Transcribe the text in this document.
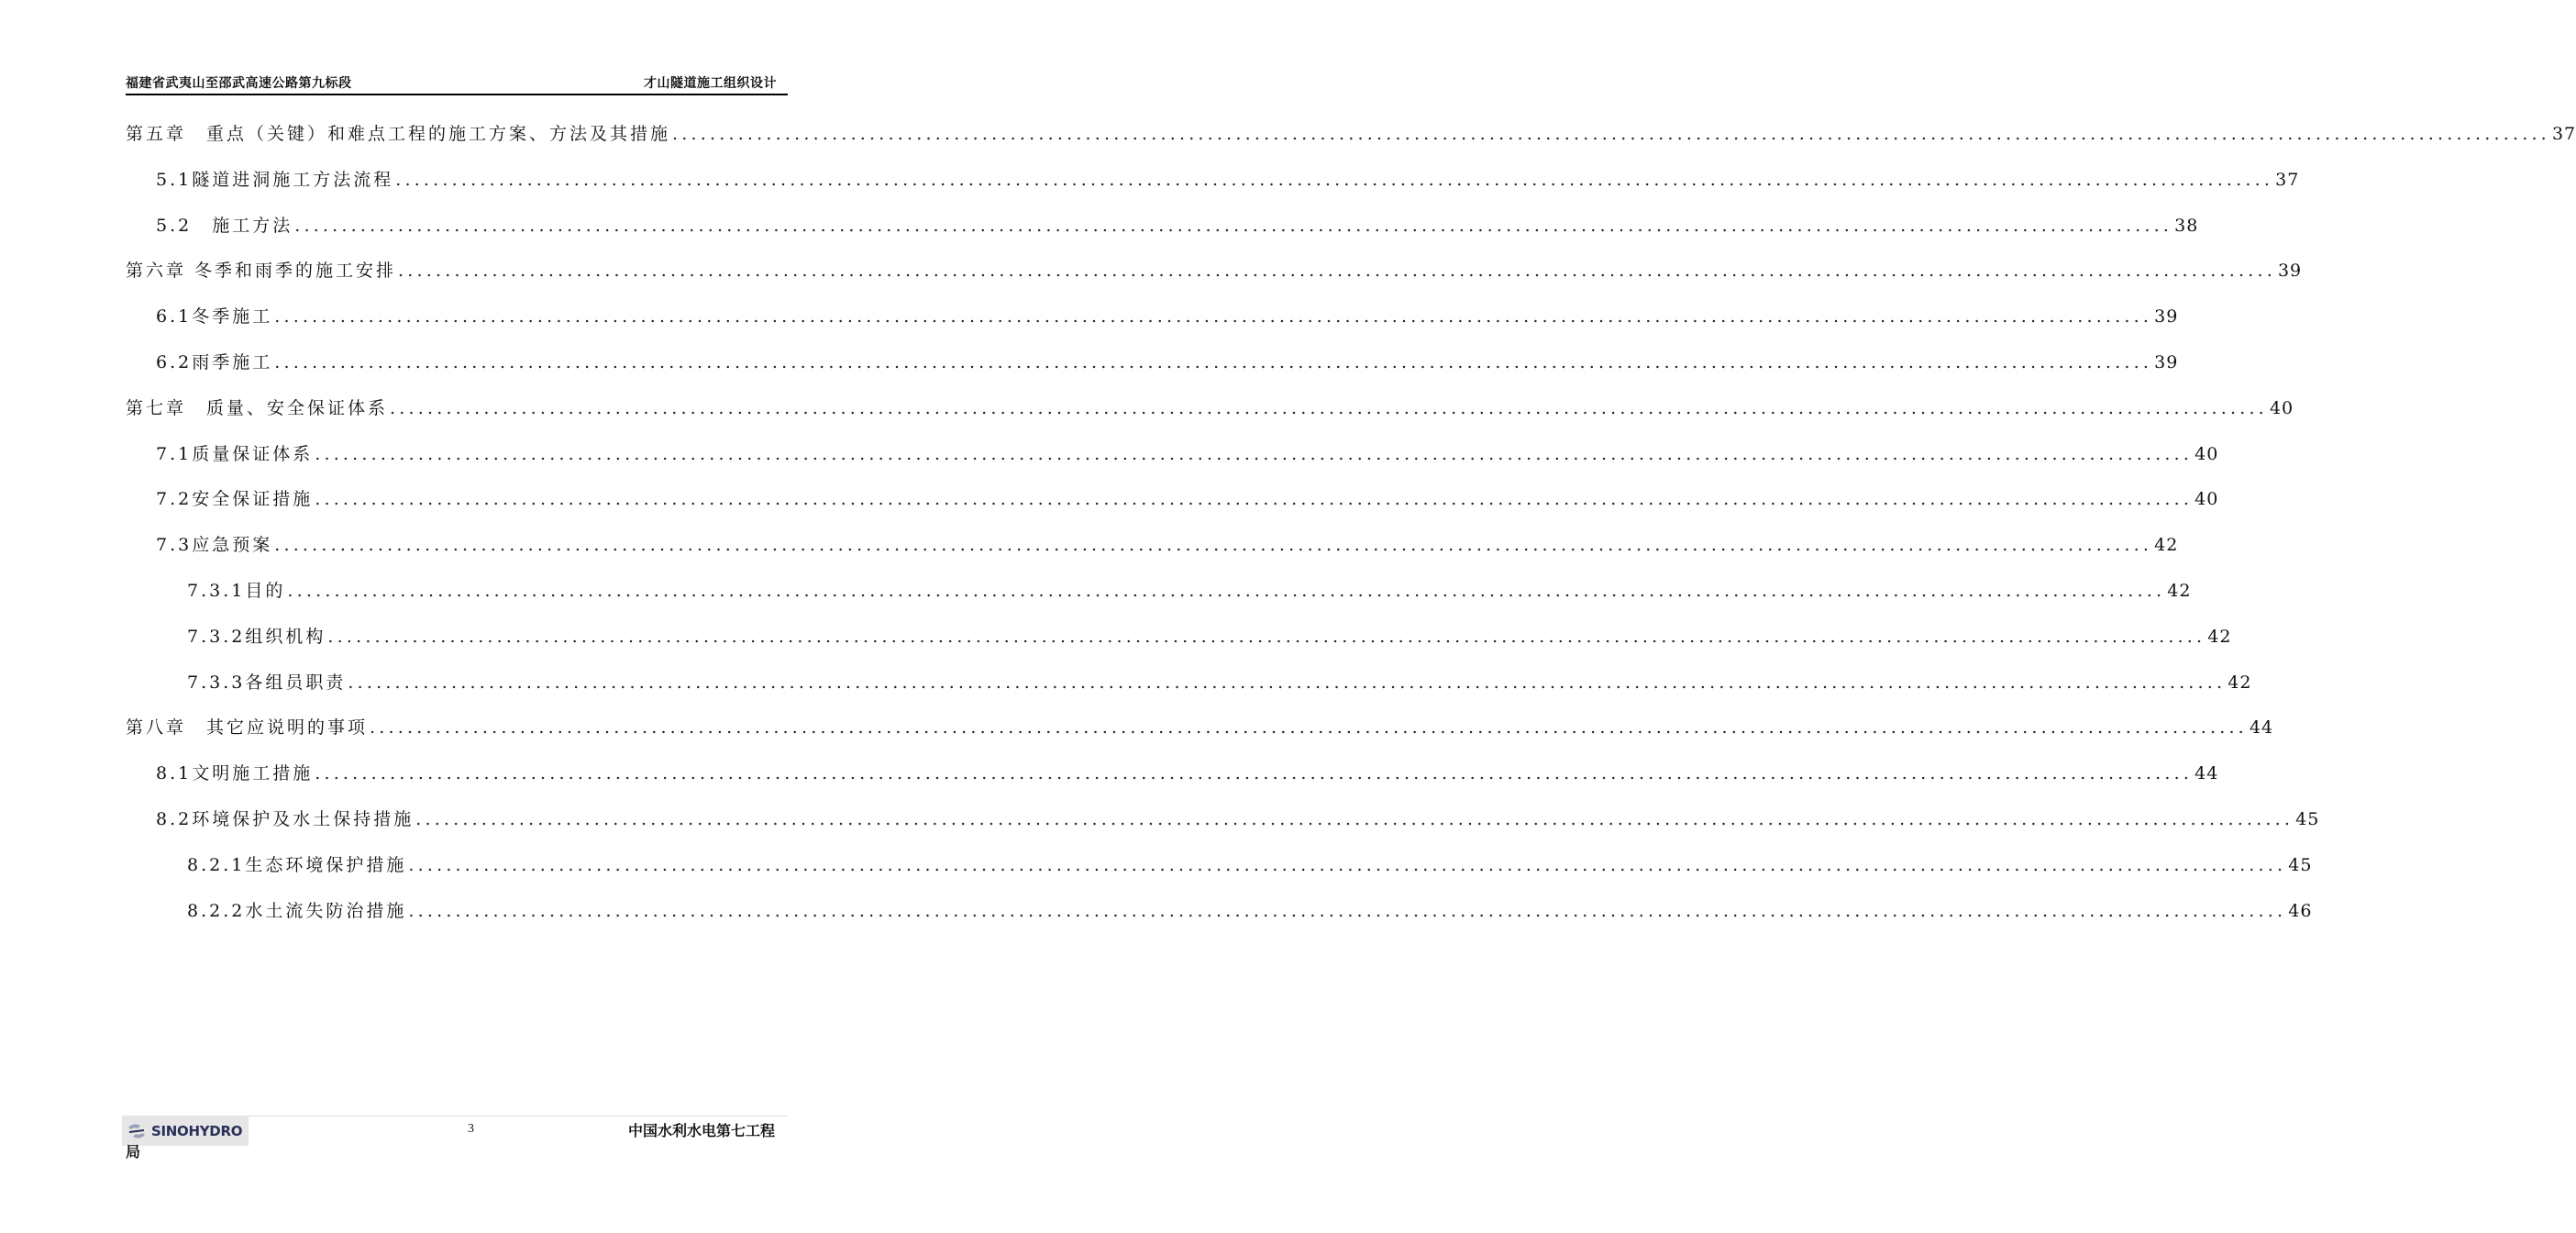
福建省武夷山至邵武高速公路第九标段	才山隧道施工组织设计
第五章　重点（关键）和难点工程的施工方案、方法及其措施 ........................................................................................................................................................................................................ 37
5.1隧道进洞施工方法流程 ........................................................................................................................................................................................................ 37
5.2　施工方法 ........................................................................................................................................................................................................ 38
第六章 冬季和雨季的施工安排 ........................................................................................................................................................................................................ 39
6.1冬季施工 ........................................................................................................................................................................................................ 39
6.2雨季施工 ........................................................................................................................................................................................................ 39
第七章　质量、安全保证体系 ........................................................................................................................................................................................................ 40
7.1质量保证体系 ........................................................................................................................................................................................................ 40
7.2安全保证措施 ........................................................................................................................................................................................................ 40
7.3应急预案 ........................................................................................................................................................................................................ 42
7.3.1目的 ........................................................................................................................................................................................................ 42
7.3.2组织机构 ........................................................................................................................................................................................................ 42
7.3.3各组员职责 ........................................................................................................................................................................................................ 42
第八章　其它应说明的事项 ........................................................................................................................................................................................................ 44
8.1文明施工措施 ........................................................................................................................................................................................................ 44
8.2环境保护及水土保持措施 ........................................................................................................................................................................................................ 45
8.2.1生态环境保护措施 ........................................................................................................................................................................................................ 45
8.2.2水土流失防治措施 ........................................................................................................................................................................................................ 46
SINOHYDRO	3	中国水利水电第七工程
局
